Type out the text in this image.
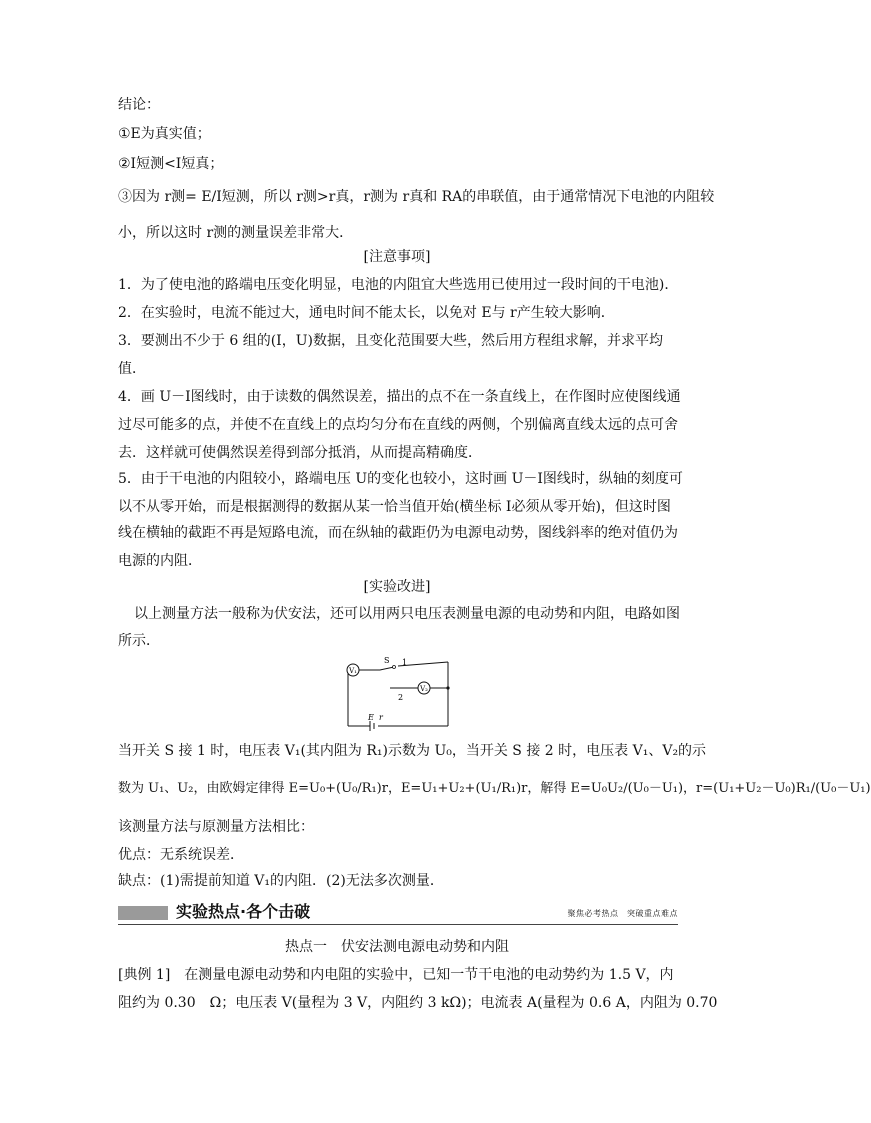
结论：
①E为真实值；
②I短测<I短真；
③因为 r测= E/I短测，所以 r测>r真，r测为 r真和 RA的串联值，由于通常情况下电池的内阻较
小，所以这时 r测的测量误差非常大．
[注意事项]
1．为了使电池的路端电压变化明显，电池的内阻宜大些选用已使用过一段时间的干电池)．
2．在实验时，电流不能过大，通电时间不能太长，以免对 E与 r产生较大影响．
3．要测出不少于 6 组的(I，U)数据，且变化范围要大些，然后用方程组求解，并求平均
值．
4．画 U－I图线时，由于读数的偶然误差，描出的点不在一条直线上，在作图时应使图线通
过尽可能多的点，并使不在直线上的点均匀分布在直线的两侧，个别偏离直线太远的点可舍
去．这样就可使偶然误差得到部分抵消，从而提高精确度．
5．由于干电池的内阻较小，路端电压 U的变化也较小，这时画 U－I图线时，纵轴的刻度可
以不从零开始，而是根据测得的数据从某一恰当值开始(横坐标 I必须从零开始)，但这时图
线在横轴的截距不再是短路电流，而在纵轴的截距仍为电源电动势，图线斜率的绝对值仍为
电源的内阻．
[实验改进]
以上测量方法一般称为伏安法，还可以用两只电压表测量电源的电动势和内阻，电路如图
所示．
V₁
V₂
S 1
2
E r
当开关 S 接 1 时，电压表 V₁(其内阻为 R₁)示数为 U₀，当开关 S 接 2 时，电压表 V₁、V₂的示
数为 U₁、U₂，由欧姆定律得 E=U₀+(U₀/R₁)r，E=U₁+U₂+(U₁/R₁)r，解得 E=U₀U₂/(U₀－U₁)，r=(U₁+U₂－U₀)R₁/(U₀－U₁)
该测量方法与原测量方法相比：
优点：无系统误差．
缺点：(1)需提前知道 V₁的内阻．(2)无法多次测量．
实验热点·各个击破	聚焦必考热点　突破重点难点
热点一　伏安法测电源电动势和内阻
[典例 1]　在测量电源电动势和内电阻的实验中，已知一节干电池的电动势约为 1.5 V，内
阻约为 0.30　Ω；电压表 V(量程为 3 V，内阻约 3 kΩ)；电流表 A(量程为 0.6 A，内阻为 0.70
